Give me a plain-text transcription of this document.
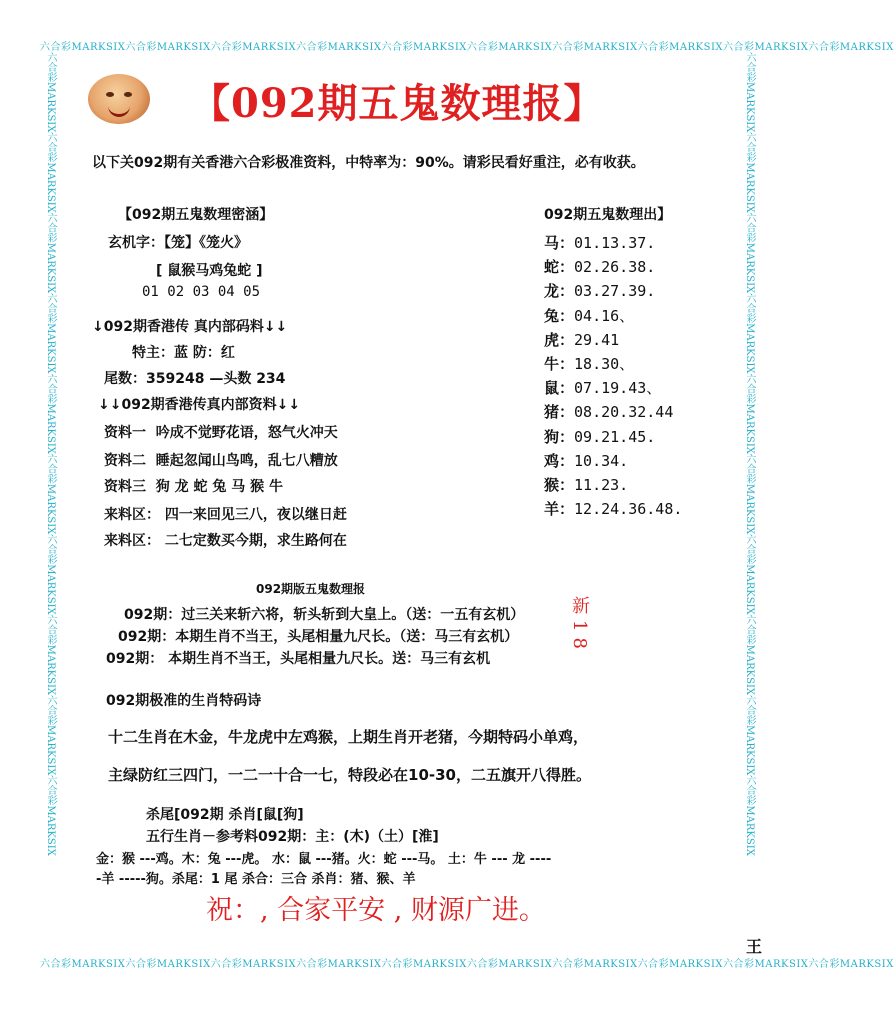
六合彩MARKSIX六合彩MARKSIX六合彩MARKSIX六合彩MARKSIX六合彩MARKSIX六合彩MARKSIX六合彩MARKSIX六合彩MARKSIX六合彩MARKSIX六合彩MARKSIX
六合彩MARKSIX六合彩MARKSIX六合彩MARKSIX六合彩MARKSIX六合彩MARKSIX六合彩MARKSIX六合彩MARKSIX六合彩MARKSIX六合彩MARKSIX六合彩MARKSIX
六合彩MARKSIX六合彩MARKSIX六合彩MARKSIX六合彩MARKSIX六合彩MARKSIX六合彩MARKSIX六合彩MARKSIX六合彩MARKSIX六合彩MARKSIX六合彩MARKSIX	六合彩MARKSIX六合彩MARKSIX六合彩MARKSIX六合彩MARKSIX六合彩MARKSIX六合彩MARKSIX六合彩MARKSIX六合彩MARKSIX六合彩MARKSIX六合彩MARKSIX
【092期五鬼数理报】
以下关092期有关香港六合彩极准资料，中特率为：90%。请彩民看好重注，必有收获。
【092期五鬼数理密涵】
玄机字：【笼】《笼火》
[ 鼠猴马鸡兔蛇 ]
01 02 03 04 05
↓092期香港传 真内部码料↓↓
特主：蓝 防：红
尾数：359248 —头数 234
↓↓092期香港传真内部资料↓↓
资料一 吟成不觉野花语，怒气火冲天
资料二 睡起忽闻山鸟鸣，乱七八糟放
资料三 狗 龙 蛇 兔 马 猴 牛
来料区： 四一来回见三八，夜以继日赶
来料区： 二七定数买今期，求生路何在
092期五鬼数理出】
马：01.13.37.
蛇：02.26.38.
龙：03.27.39.
兔：04.16、
虎：29.41
牛：18.30、
鼠：07.19.43、
猪：08.20.32.44
狗：09.21.45.
鸡：10.34.
猴：11.23.
羊：12.24.36.48.
092期版五鬼数理报
092期：过三关来斩六将，斩头斩到大皇上。（送：一五有玄机）
092期：本期生肖不当王，头尾相量九尺长。（送：马三有玄机）
092期： 本期生肖不当王，头尾相量九尺长。送：马三有玄机
新18
092期极准的生肖特码诗
十二生肖在木金，牛龙虎中左鸡猴，上期生肖开老猪，今期特码小单鸡，
主绿防红三四门，一二一十合一七，特段必在10-30，二五旗开八得胜。
杀尾[092期 杀肖[鼠[狗]
五行生肖－参考料092期：主：(木)（土）[淮]
金：猴 ---鸡。木：兔 ---虎。 水：鼠 ---猪。火：蛇 ---马。 土：牛 --- 龙 ----
-羊 -----狗。杀尾：1 尾 杀合：三合 杀肖：猪、猴、羊
祝：, 合家平安 , 财源广进。
王
